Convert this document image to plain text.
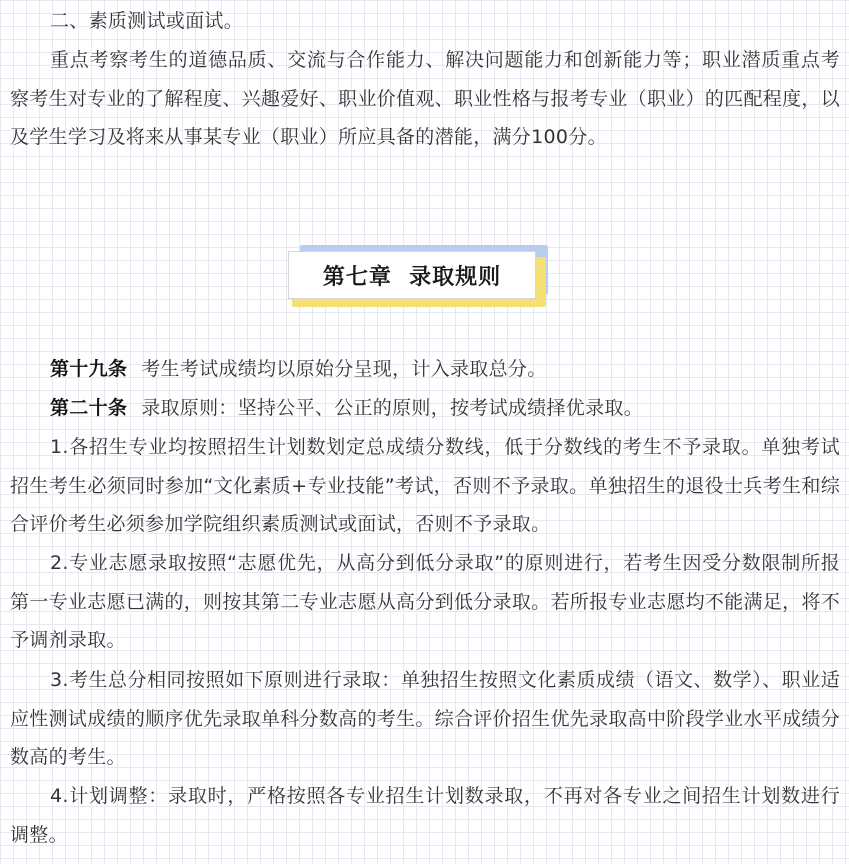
二、素质测试或面试。
重点考察考生的道德品质、交流与合作能力、解决问题能力和创新能力等；职业潜质重点考察考生对专业的了解程度、兴趣爱好、职业价值观、职业性格与报考专业（职业）的匹配程度，以及学生学习及将来从事某专业（职业）所应具备的潜能，满分100分。
第七章  录取规则
第十九条 考生考试成绩均以原始分呈现，计入录取总分。
第二十条 录取原则：坚持公平、公正的原则，按考试成绩择优录取。
1.各招生专业均按照招生计划数划定总成绩分数线，低于分数线的考生不予录取。单独考试招生考生必须同时参加“文化素质+专业技能”考试，否则不予录取。单独招生的退役士兵考生和综合评价考生必须参加学院组织素质测试或面试，否则不予录取。
2.专业志愿录取按照“志愿优先，从高分到低分录取”的原则进行，若考生因受分数限制所报第一专业志愿已满的，则按其第二专业志愿从高分到低分录取。若所报专业志愿均不能满足，将不予调剂录取。
3.考生总分相同按照如下原则进行录取：单独招生按照文化素质成绩（语文、数学）、职业适应性测试成绩的顺序优先录取单科分数高的考生。综合评价招生优先录取高中阶段学业水平成绩分数高的考生。
4.计划调整：录取时，严格按照各专业招生计划数录取，不再对各专业之间招生计划数进行调整。
